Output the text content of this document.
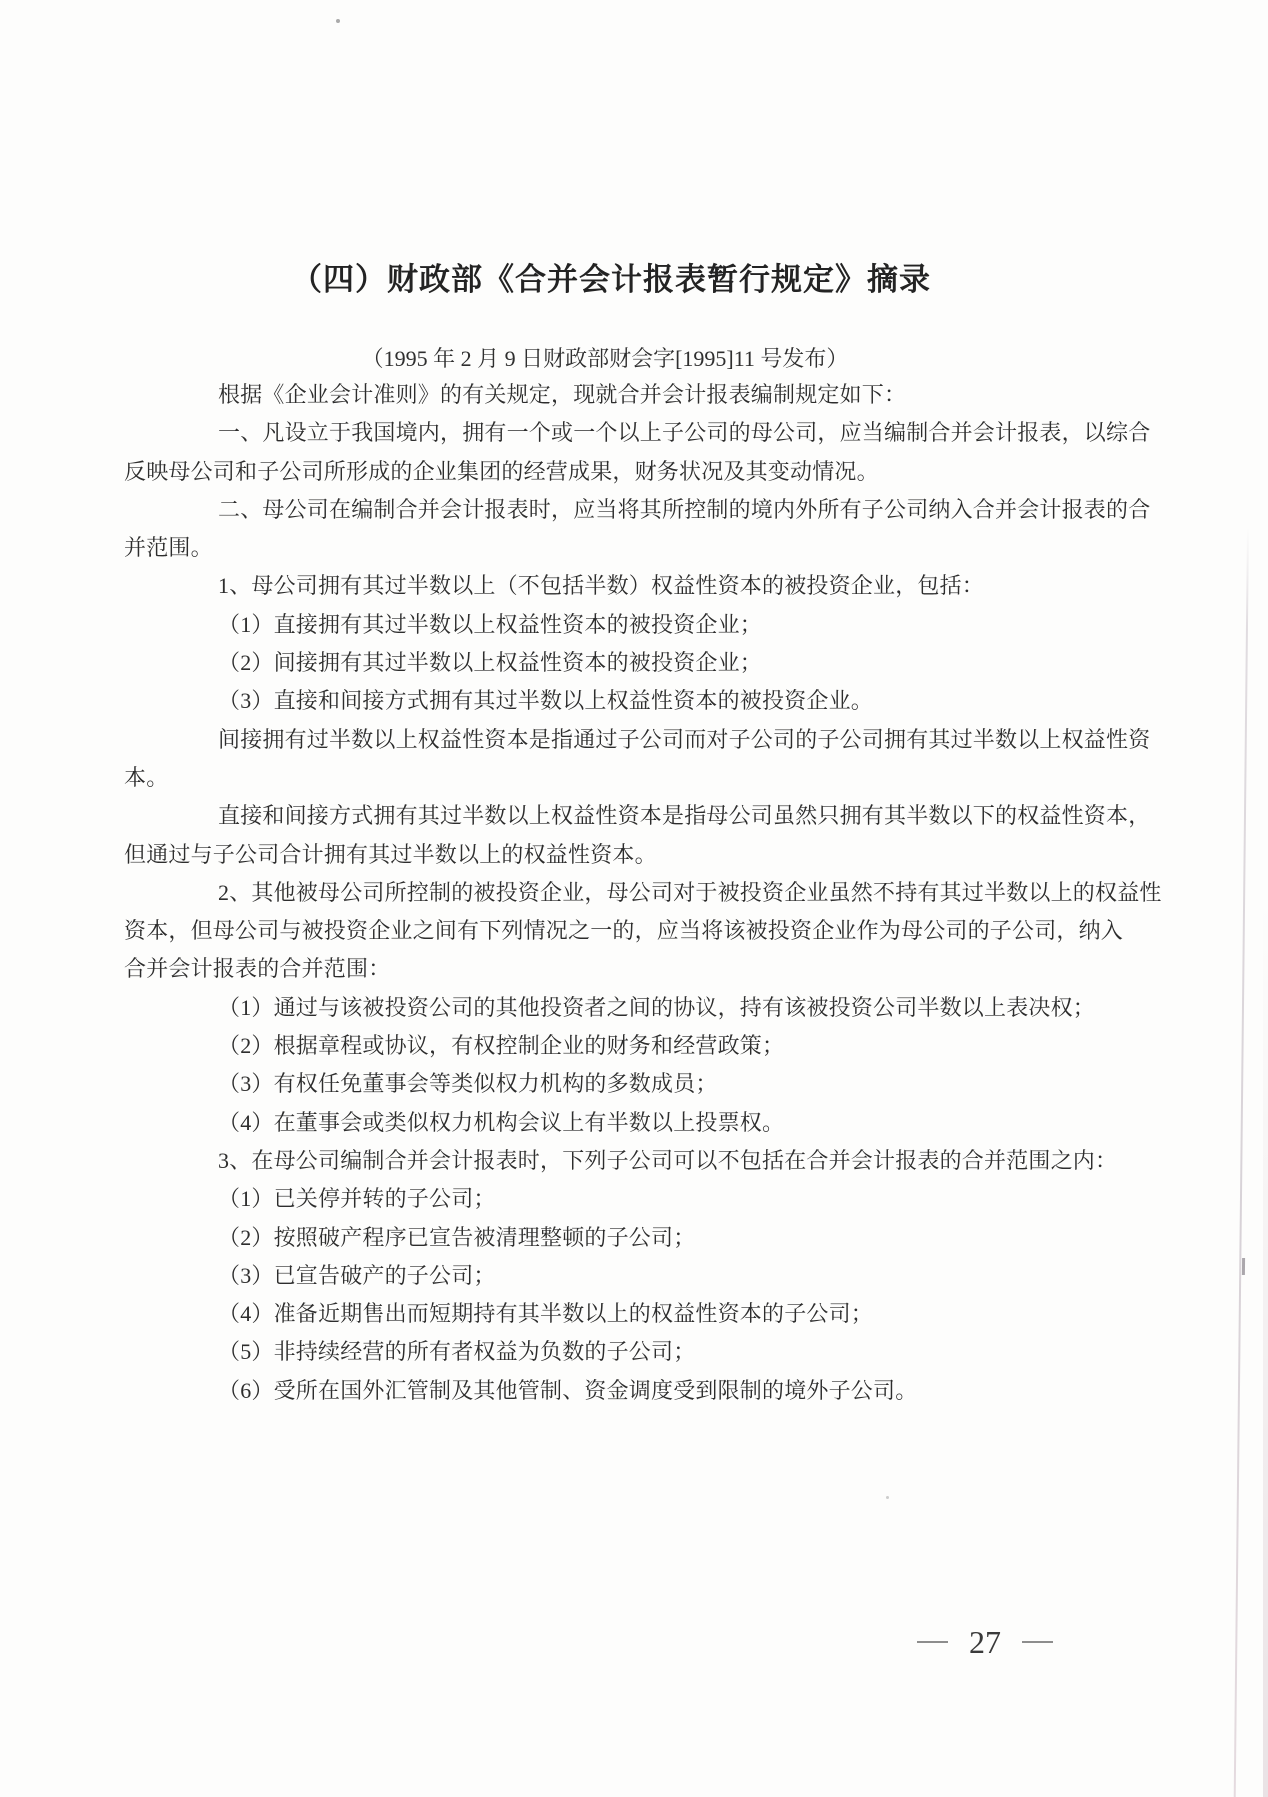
（四）财政部《合并会计报表暂行规定》摘录
（1995 年 2 月 9 日财政部财会字[1995]11 号发布）

根据《企业会计准则》的有关规定，现就合并会计报表编制规定如下：

一、凡设立于我国境内，拥有一个或一个以上子公司的母公司，应当编制合并会计报表，以综合

反映母公司和子公司所形成的企业集团的经营成果，财务状况及其变动情况。

二、母公司在编制合并会计报表时，应当将其所控制的境内外所有子公司纳入合并会计报表的合

并范围。

1、母公司拥有其过半数以上（不包括半数）权益性资本的被投资企业，包括：

（1）直接拥有其过半数以上权益性资本的被投资企业；

（2）间接拥有其过半数以上权益性资本的被投资企业；

（3）直接和间接方式拥有其过半数以上权益性资本的被投资企业。

间接拥有过半数以上权益性资本是指通过子公司而对子公司的子公司拥有其过半数以上权益性资

本。

直接和间接方式拥有其过半数以上权益性资本是指母公司虽然只拥有其半数以下的权益性资本，

但通过与子公司合计拥有其过半数以上的权益性资本。

2、其他被母公司所控制的被投资企业，母公司对于被投资企业虽然不持有其过半数以上的权益性

资本，但母公司与被投资企业之间有下列情况之一的，应当将该被投资企业作为母公司的子公司，纳入

合并会计报表的合并范围：

（1）通过与该被投资公司的其他投资者之间的协议，持有该被投资公司半数以上表决权；

（2）根据章程或协议，有权控制企业的财务和经营政策；

（3）有权任免董事会等类似权力机构的多数成员；

（4）在董事会或类似权力机构会议上有半数以上投票权。

3、在母公司编制合并会计报表时，下列子公司可以不包括在合并会计报表的合并范围之内：

（1）已关停并转的子公司；

（2）按照破产程序已宣告被清理整顿的子公司；

（3）已宣告破产的子公司；

（4）准备近期售出而短期持有其半数以上的权益性资本的子公司；

（5）非持续经营的所有者权益为负数的子公司；

（6）受所在国外汇管制及其他管制、资金调度受到限制的境外子公司。

27
